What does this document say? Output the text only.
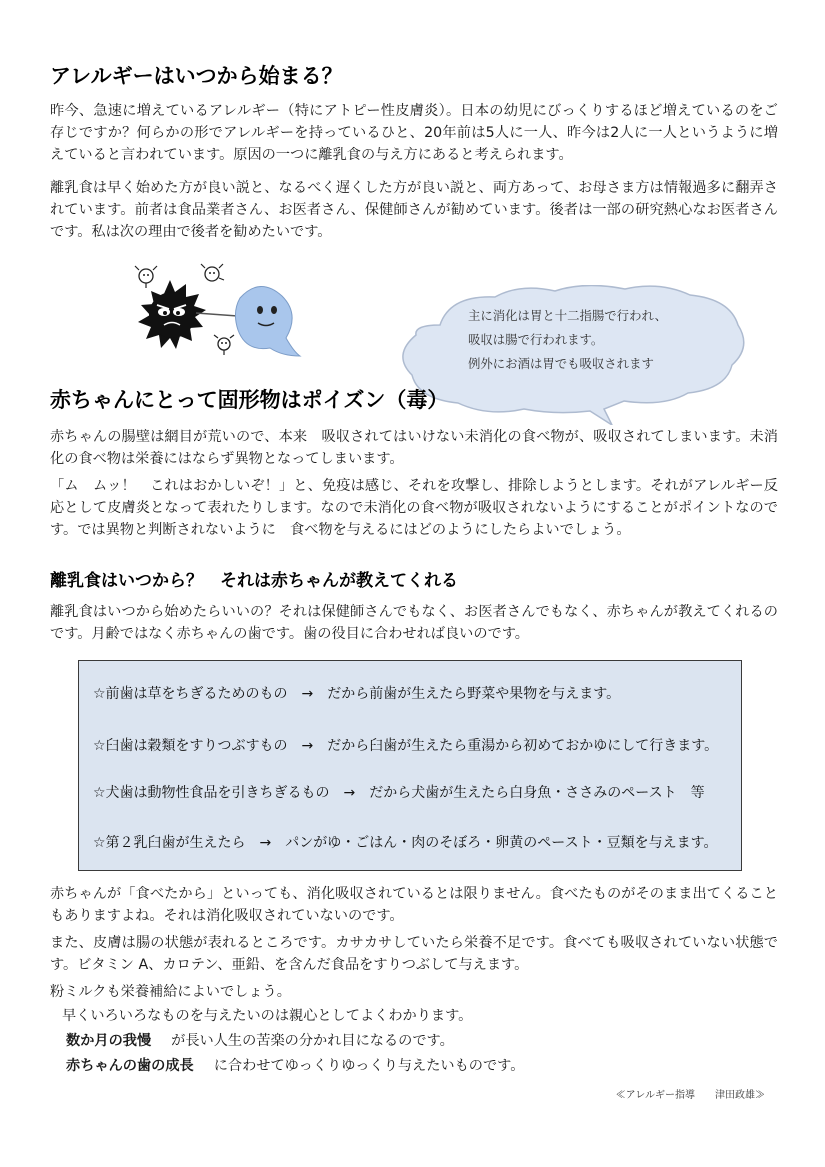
アレルギーはいつから始まる？

昨今、急速に増えているアレルギー（特にアトピー性皮膚炎）。日本の幼児にびっくりするほど増えているのをご存じですか？何らかの形でアレルギーを持っているひと、20年前は5人に一人、昨今は2人に一人というように増えていると言われています。原因の一つに離乳食の与え方にあると考えられます。

離乳食は早く始めた方が良い説と、なるべく遅くした方が良い説と、両方あって、お母さま方は情報過多に翻弄されています。前者は食品業者さん、お医者さん、保健師さんが勧めています。後者は一部の研究熱心なお医者さんです。私は次の理由で後者を勧めたいです。

主に消化は胃と十二指腸で行われ、
吸収は腸で行われます。
例外にお酒は胃でも吸収されます
赤ちゃんにとって固形物はポイズン（毒）

赤ちゃんの腸壁は網目が荒いので、本来　吸収されてはいけない未消化の食べ物が、吸収されてしまいます。未消化の食べ物は栄養にはならず異物となってしまいます。

「ム　ムッ！　これはおかしいぞ！」と、免疫は感じ、それを攻撃し、排除しようとします。それがアレルギー反応として皮膚炎となって表れたりします。なので未消化の食べ物が吸収されないようにすることがポイントなのです。では異物と判断されないように　食べ物を与えるにはどのようにしたらよいでしょう。

離乳食はいつから？　それは赤ちゃんが教えてくれる

離乳食はいつから始めたらいいの？それは保健師さんでもなく、お医者さんでもなく、赤ちゃんが教えてくれるのです。月齢ではなく赤ちゃんの歯です。歯の役目に合わせれば良いのです。

☆前歯は草をちぎるためのもの　→　だから前歯が生えたら野菜や果物を与えます。
☆臼歯は穀類をすりつぶすもの　→　だから臼歯が生えたら重湯から初めておかゆにして行きます。
☆犬歯は動物性食品を引きちぎるもの　→　だから犬歯が生えたら白身魚・ささみのペースト　等
☆第２乳臼歯が生えたら　→　パンがゆ・ごはん・肉のそぼろ・卵黄のペースト・豆類を与えます。

赤ちゃんが「食べたから」といっても、消化吸収されているとは限りません。食べたものがそのまま出てくることもありますよね。それは消化吸収されていないのです。

また、皮膚は腸の状態が表れるところです。カサカサしていたら栄養不足です。食べても吸収されていない状態です。ビタミン A、カロテン、亜鉛、を含んだ食品をすりつぶして与えます。

粉ミルクも栄養補給によいでしょう。
早くいろいろなものを与えたいのは親心としてよくわかります。
数か月の我慢 が長い人生の苦楽の分かれ目になるのです。
赤ちゃんの歯の成長 に合わせてゆっくりゆっくり与えたいものです。
≪アレルギー指導　　津田政雄≫
